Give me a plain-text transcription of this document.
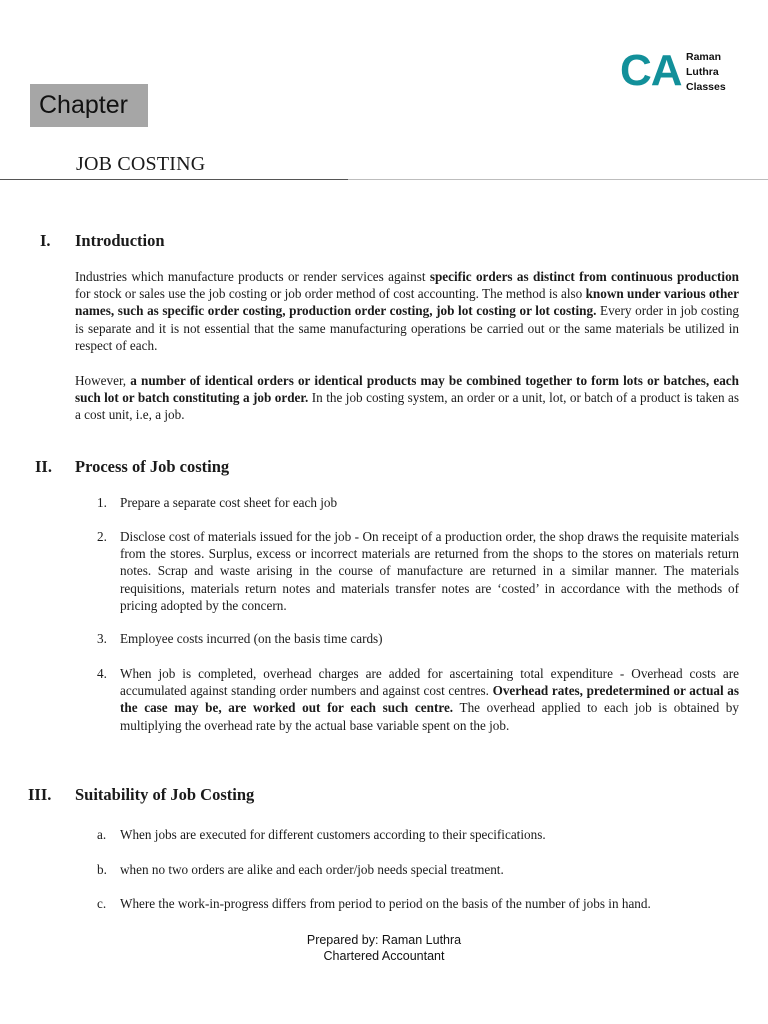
CA Raman
Luthra
Classes
Chapter
JOB COSTING
I. Introduction

Industries which manufacture products or render services against specific orders as distinct from continuous production for stock or sales use the job costing or job order method of cost accounting. The method is also known under various other names, such as specific order costing, production order costing, job lot costing or lot costing. Every order in job costing is separate and it is not essential that the same manufacturing operations be carried out or the same materials be utilized in respect of each.

However, a number of identical orders or identical products may be combined together to form lots or batches, each such lot or batch constituting a job order. In the job costing system, an order or a unit, lot, or batch of a product is taken as a cost unit, i.e, a job.

II. Process of Job costing
1. Prepare a separate cost sheet for each job
2. Disclose cost of materials issued for the job - On receipt of a production order, the shop draws the requisite materials from the stores. Surplus, excess or incorrect materials are returned from the shops to the stores on materials return notes. Scrap and waste arising in the course of manufacture are returned in a similar manner. The materials requisitions, materials return notes and materials transfer notes are ‘costed’ in accordance with the methods of pricing adopted by the concern.
3. Employee costs incurred (on the basis time cards)
4. When job is completed, overhead charges are added for ascertaining total expenditure - Overhead costs are accumulated against standing order numbers and against cost centres. Overhead rates, predetermined or actual as the case may be, are worked out for each such centre. The overhead applied to each job is obtained by multiplying the overhead rate by the actual base variable spent on the job.
III. Suitability of Job Costing
a. When jobs are executed for different customers according to their specifications.
b. when no two orders are alike and each order/job needs special treatment.
c. Where the work-in-progress differs from period to period on the basis of the number of jobs in hand.
Prepared by: Raman Luthra
Chartered Accountant
